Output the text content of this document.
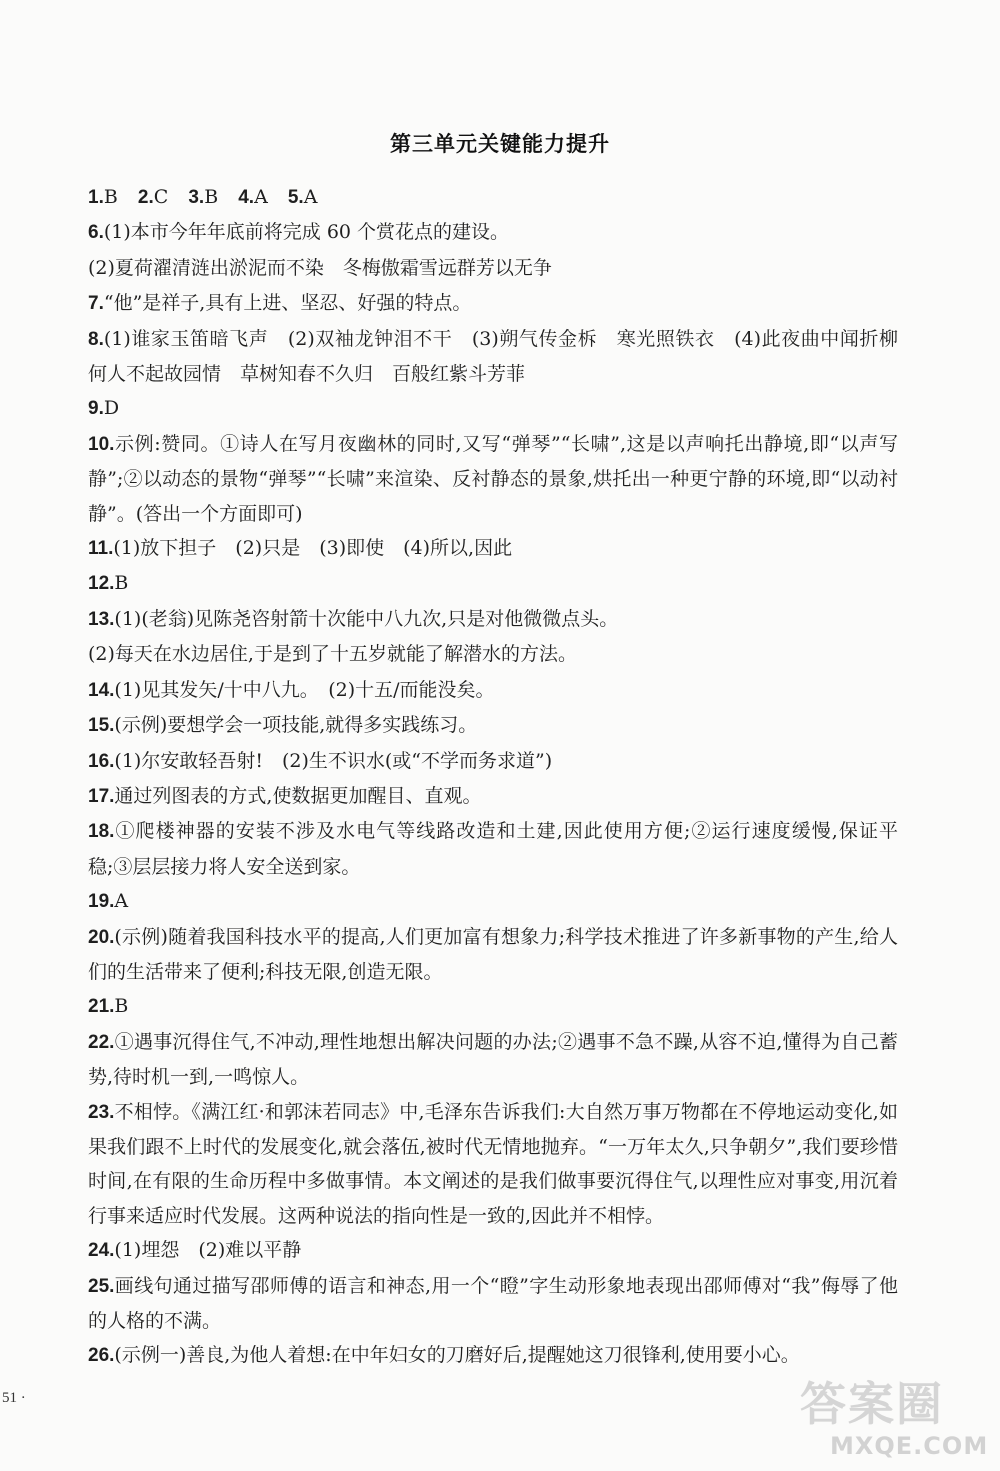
第三单元关键能力提升
1.B 2.C 3.B 4.A 5.A
6.(1)本市今年年底前将完成 60 个赏花点的建设。
(2)夏荷濯清涟出淤泥而不染　冬梅傲霜雪远群芳以无争
7.“他”是祥子,具有上进、坚忍、好强的特点。
8.(1)谁家玉笛暗飞声　(2)双袖龙钟泪不干　(3)朔气传金柝　寒光照铁衣　(4)此夜曲中闻折柳　何人不起故园情　草树知春不久归　百般红紫斗芳菲
9.D
10.示例:赞同。①诗人在写月夜幽林的同时,又写“弹琴”“长啸”,这是以声响托出静境,即“以声写静”;②以动态的景物“弹琴”“长啸”来渲染、反衬静态的景象,烘托出一种更宁静的环境,即“以动衬静”。(答出一个方面即可)
11.(1)放下担子　(2)只是　(3)即使　(4)所以,因此
12.B
13.(1)(老翁)见陈尧咨射箭十次能中八九次,只是对他微微点头。
(2)每天在水边居住,于是到了十五岁就能了解潜水的方法。
14.(1)见其发矢/十中八九。　(2)十五/而能没矣。
15.(示例)要想学会一项技能,就得多实践练习。
16.(1)尔安敢轻吾射!　(2)生不识水(或“不学而务求道”)
17.通过列图表的方式,使数据更加醒目、直观。
18.①爬楼神器的安装不涉及水电气等线路改造和土建,因此使用方便;②运行速度缓慢,保证平稳;③层层接力将人安全送到家。
19.A
20.(示例)随着我国科技水平的提高,人们更加富有想象力;科学技术推进了许多新事物的产生,给人们的生活带来了便利;科技无限,创造无限。
21.B
22.①遇事沉得住气,不冲动,理性地想出解决问题的办法;②遇事不急不躁,从容不迫,懂得为自己蓄势,待时机一到,一鸣惊人。
23.不相悖。《满江红·和郭沫若同志》中,毛泽东告诉我们:大自然万事万物都在不停地运动变化,如果我们跟不上时代的发展变化,就会落伍,被时代无情地抛弃。“一万年太久,只争朝夕”,我们要珍惜时间,在有限的生命历程中多做事情。本文阐述的是我们做事要沉得住气,以理性应对事变,用沉着行事来适应时代发展。这两种说法的指向性是一致的,因此并不相悖。
24.(1)埋怨　(2)难以平静
25.画线句通过描写邵师傅的语言和神态,用一个“瞪”字生动形象地表现出邵师傅对“我”侮辱了他的人格的不满。
26.(示例一)善良,为他人着想:在中年妇女的刀磨好后,提醒她这刀很锋利,使用要小心。
51 ·	答案圈
MXQE.COM
